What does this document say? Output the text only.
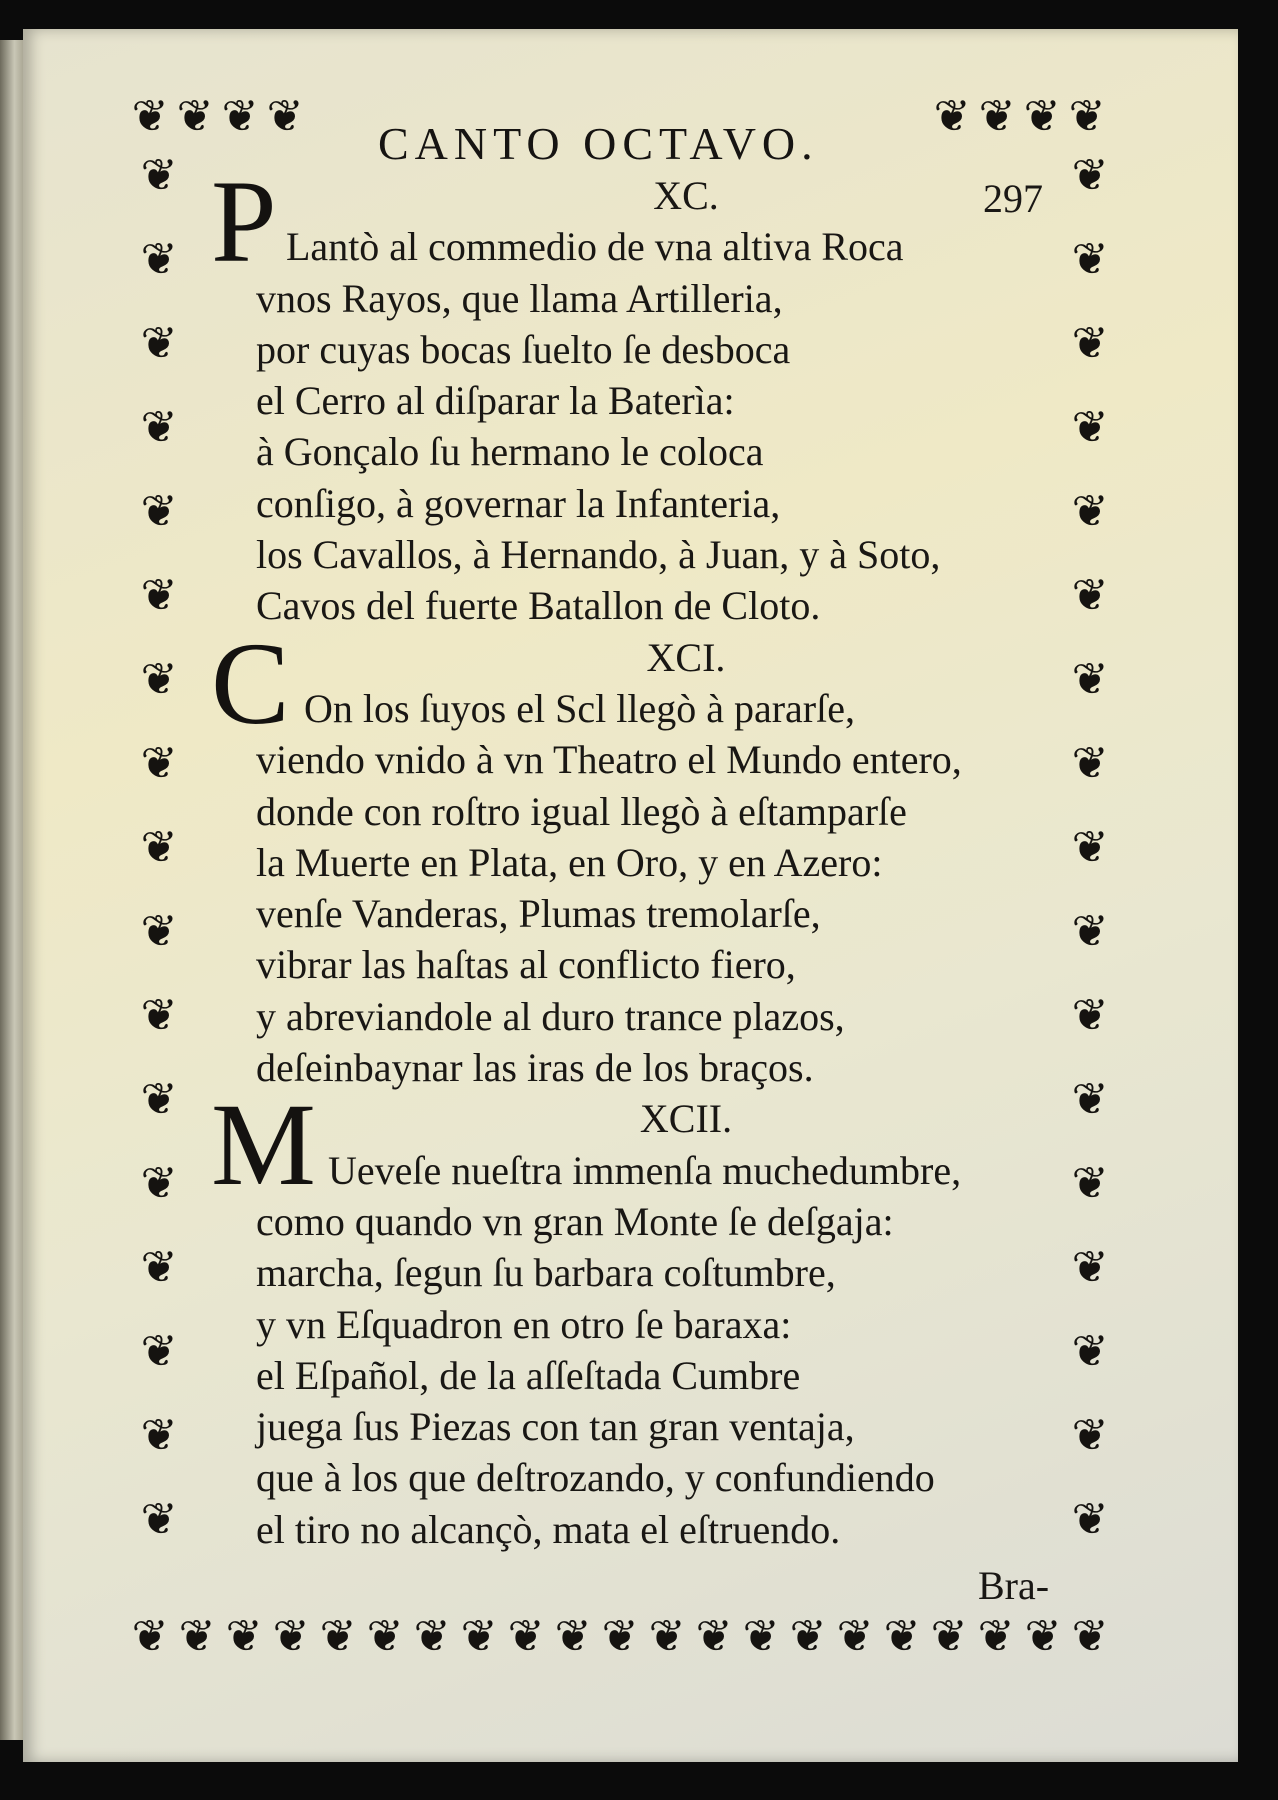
❦ ❦ ❦ ❦	❦ ❦ ❦ ❦
❦	❦
❦	❦
❦	❦
❦	❦
❦	❦
❦	❦
❦	❦
❦	❦
❦	❦
❦	❦
❦	❦
❦	❦
❦	❦
❦	❦
❦	❦
❦	❦
❦	❦
❦ ❦ ❦ ❦ ❦ ❦ ❦ ❦ ❦ ❦ ❦ ❦ ❦ ❦ ❦ ❦ ❦ ❦ ❦ ❦ ❦
CANTO OCTAVO.
297
XC.
P Lantò al commedio de vna altiva Roca
vnos Rayos, que llama Artilleria,
por cuyas bocas ſuelto ſe desboca
el Cerro al diſparar la Baterìa:
à Gonçalo ſu hermano le coloca
conſigo, à governar la Infanteria,
los Cavallos, à Hernando, à Juan, y à Soto,
Cavos del fuerte Batallon de Cloto.
XCI.
C On los ſuyos el Scl llegò à pararſe,
viendo vnido à vn Theatro el Mundo entero,
donde con roſtro igual llegò à eſtamparſe
la Muerte en Plata, en Oro, y en Azero:
venſe Vanderas, Plumas tremolarſe,
vibrar las haſtas al conflicto fiero,
y abreviandole al duro trance plazos,
deſeinbaynar las iras de los braços.
XCII.
M Ueveſe nueſtra immenſa muchedumbre,
como quando vn gran Monte ſe deſgaja:
marcha, ſegun ſu barbara coſtumbre,
y vn Eſquadron en otro ſe baraxa:
el Eſpañol, de la aſſeſtada Cumbre
juega ſus Piezas con tan gran ventaja,
que à los que deſtrozando, y confundiendo
el tiro no alcançò, mata el eſtruendo.
Bra-
